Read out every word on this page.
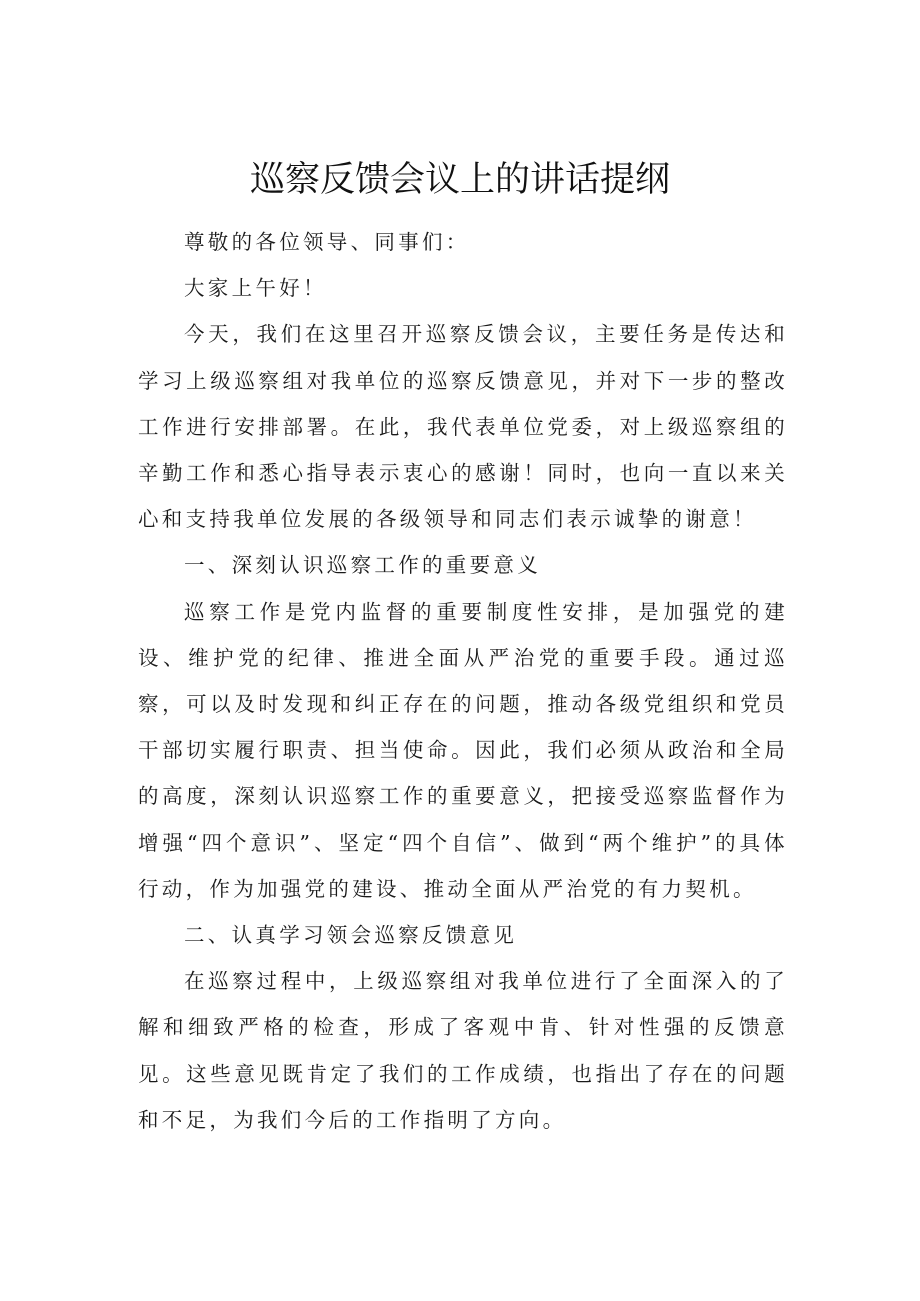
巡察反馈会议上的讲话提纲

尊敬的各位领导、同事们：

大家上午好！

今天，我们在这里召开巡察反馈会议，主要任务是传达和学习上级巡察组对我单位的巡察反馈意见，并对下一步的整改工作进行安排部署。在此，我代表单位党委，对上级巡察组的辛勤工作和悉心指导表示衷心的感谢！同时，也向一直以来关心和支持我单位发展的各级领导和同志们表示诚挚的谢意！

一、深刻认识巡察工作的重要意义

巡察工作是党内监督的重要制度性安排，是加强党的建设、维护党的纪律、推进全面从严治党的重要手段。通过巡察，可以及时发现和纠正存在的问题，推动各级党组织和党员干部切实履行职责、担当使命。因此，我们必须从政治和全局的高度，深刻认识巡察工作的重要意义，把接受巡察监督作为增强“四个意识”、坚定“四个自信”、做到“两个维护”的具体行动，作为加强党的建设、推动全面从严治党的有力契机。

二、认真学习领会巡察反馈意见

在巡察过程中，上级巡察组对我单位进行了全面深入的了解和细致严格的检查，形成了客观中肯、针对性强的反馈意见。这些意见既肯定了我们的工作成绩，也指出了存在的问题和不足，为我们今后的工作指明了方向。
